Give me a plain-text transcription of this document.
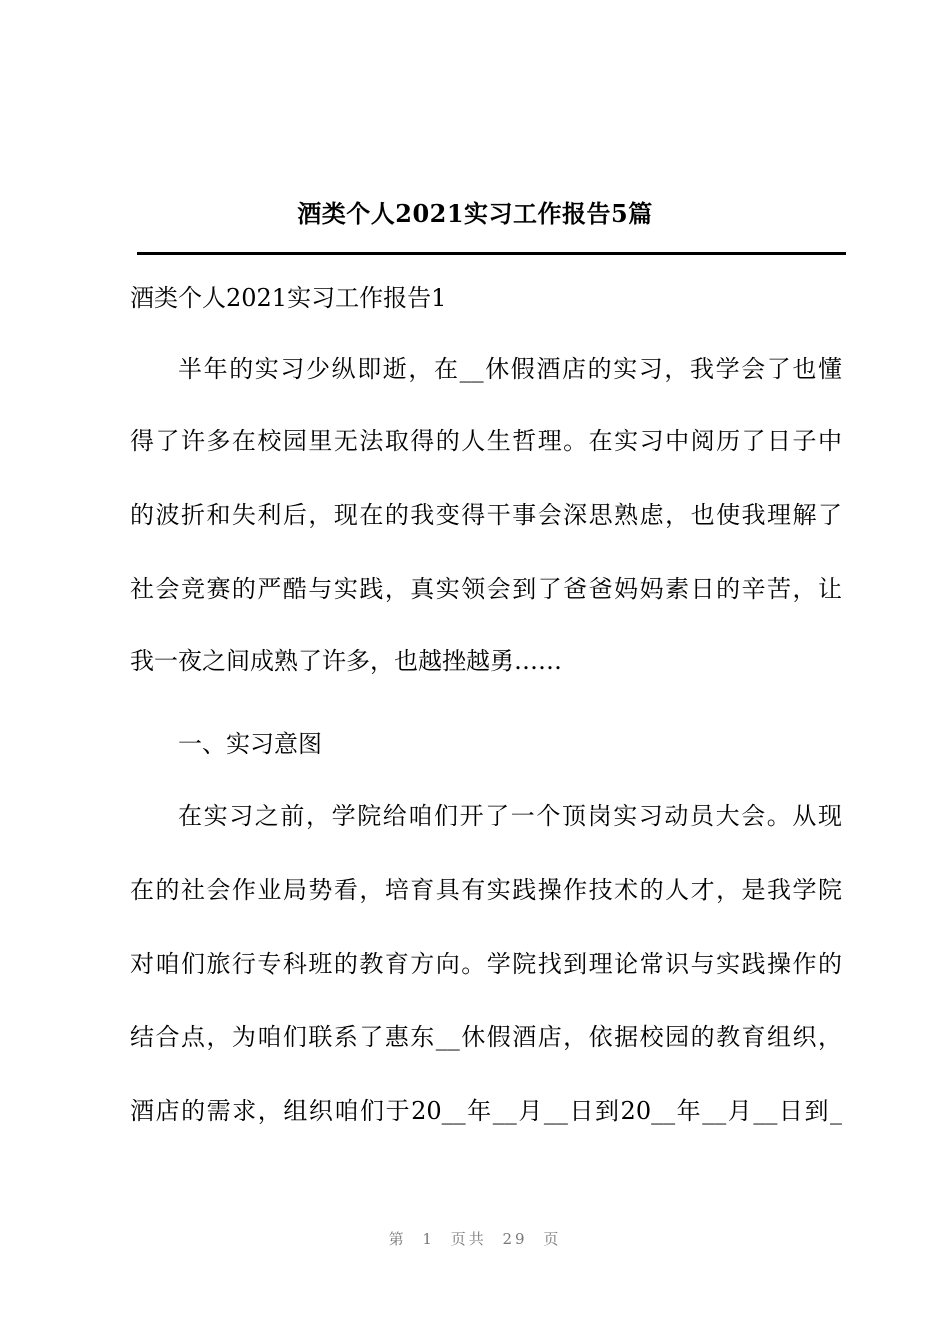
酒类个人2021实习工作报告5篇

酒类个人2021实习工作报告1

半年的实习少纵即逝，在__休假酒店的实习，我学会了也懂

得了许多在校园里无法取得的人生哲理。在实习中阅历了日子中

的波折和失利后，现在的我变得干事会深思熟虑，也使我理解了

社会竞赛的严酷与实践，真实领会到了爸爸妈妈素日的辛苦，让

我一夜之间成熟了许多，也越挫越勇……

一、实习意图

在实习之前，学院给咱们开了一个顶岗实习动员大会。从现

在的社会作业局势看，培育具有实践操作技术的人才，是我学院

对咱们旅行专科班的教育方向。学院找到理论常识与实践操作的

结合点，为咱们联系了惠东__休假酒店，依据校园的教育组织，

酒店的需求，组织咱们于20__年__月__日到20__年__月__日到_

第 1 页共 29 页
